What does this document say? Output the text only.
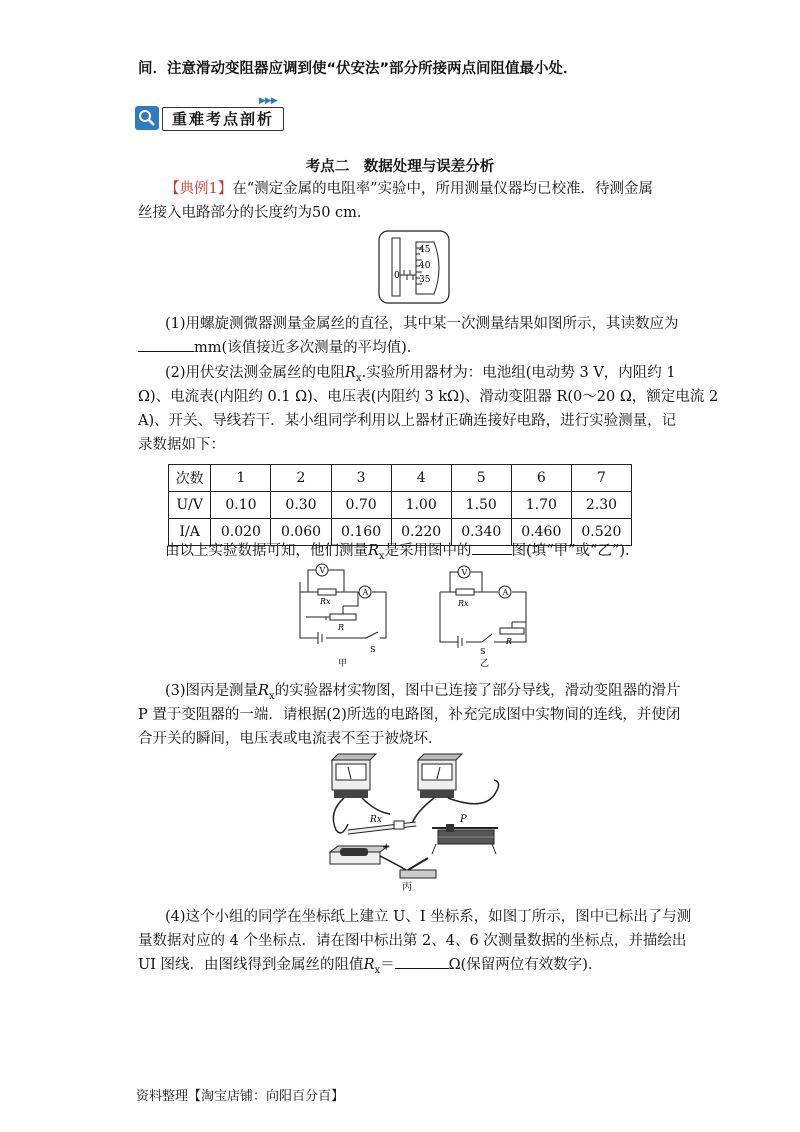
间．注意滑动变阻器应调到使“伏安法”部分所接两点间阻值最小处．
▶▶▶
重难考点剖析
考点二　数据处理与误差分析
【典例1】在“测定金属的电阻率”实验中，所用测量仪器均已校准．待测金属
丝接入电路部分的长度约为50 cm.
45
40
35
0
(1)用螺旋测微器测量金属丝的直径，其中某一次测量结果如图所示，其读数应为
mm(该值接近多次测量的平均值)．
(2)用伏安法测金属丝的电阻$R_x$.实验所用器材为：电池组(电动势 3 V，内阻约 1
Ω)、电流表(内阻约 0.1 Ω)、电压表(内阻约 3 kΩ)、滑动变阻器 R(0～20 Ω，额定电流 2
A)、开关、导线若干．某小组同学利用以上器材正确连接好电路，进行实验测量，记
录数据如下：
次数	1	2	3	4	5	6	7
U/V	0.10	0.30	0.70	1.00	1.50	1.70	2.30
I/A	0.020	0.060	0.160	0.220	0.340	0.460	0.520
由以上实验数据可知，他们测量$R_x$是采用图中的	图(填“甲”或“乙”)．
V
A
Rx
R
S
甲
V
A
Rx
R
S
乙
(3)图丙是测量$R_x$的实验器材实物图，图中已连接了部分导线，滑动变阻器的滑片
P 置于变阻器的一端．请根据(2)所选的电路图，补充完成图中实物间的连线，并使闭
合开关的瞬间，电压表或电流表不至于被烧坏．
Rx	P
+
丙
(4)这个小组的同学在坐标纸上建立 U、I 坐标系，如图丁所示，图中已标出了与测
量数据对应的 4 个坐标点．请在图中标出第 2、4、6 次测量数据的坐标点，并描绘出
UI 图线．由图线得到金属丝的阻值$R_x=$	Ω(保留两位有效数字)．
资料整理【淘宝店铺：向阳百分百】
